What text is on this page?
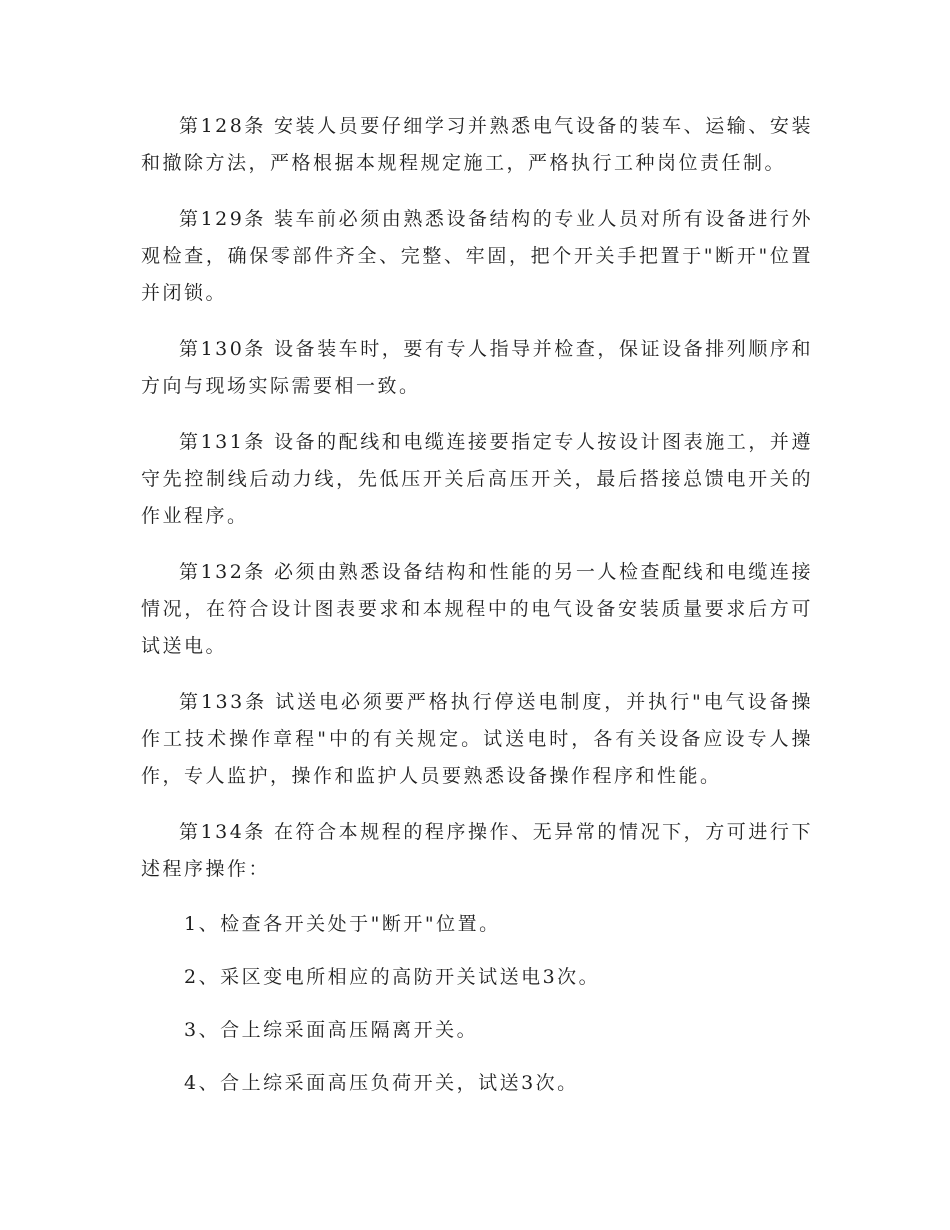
第128条 安装人员要仔细学习并熟悉电气设备的装车、运输、安装和撤除方法，严格根据本规程规定施工，严格执行工种岗位责任制。

第129条 装车前必须由熟悉设备结构的专业人员对所有设备进行外观检查，确保零部件齐全、完整、牢固，把个开关手把置于"断开"位置并闭锁。

第130条 设备装车时，要有专人指导并检查，保证设备排列顺序和方向与现场实际需要相一致。

第131条 设备的配线和电缆连接要指定专人按设计图表施工，并遵守先控制线后动力线，先低压开关后高压开关，最后搭接总馈电开关的作业程序。

第132条 必须由熟悉设备结构和性能的另一人检查配线和电缆连接情况，在符合设计图表要求和本规程中的电气设备安装质量要求后方可试送电。

第133条 试送电必须要严格执行停送电制度，并执行"电气设备操作工技术操作章程"中的有关规定。试送电时，各有关设备应设专人操作，专人监护，操作和监护人员要熟悉设备操作程序和性能。

第134条 在符合本规程的程序操作、无异常的情况下，方可进行下述程序操作：

1、检查各开关处于"断开"位置。

2、采区变电所相应的高防开关试送电3次。

3、合上综采面高压隔离开关。

4、合上综采面高压负荷开关，试送3次。
